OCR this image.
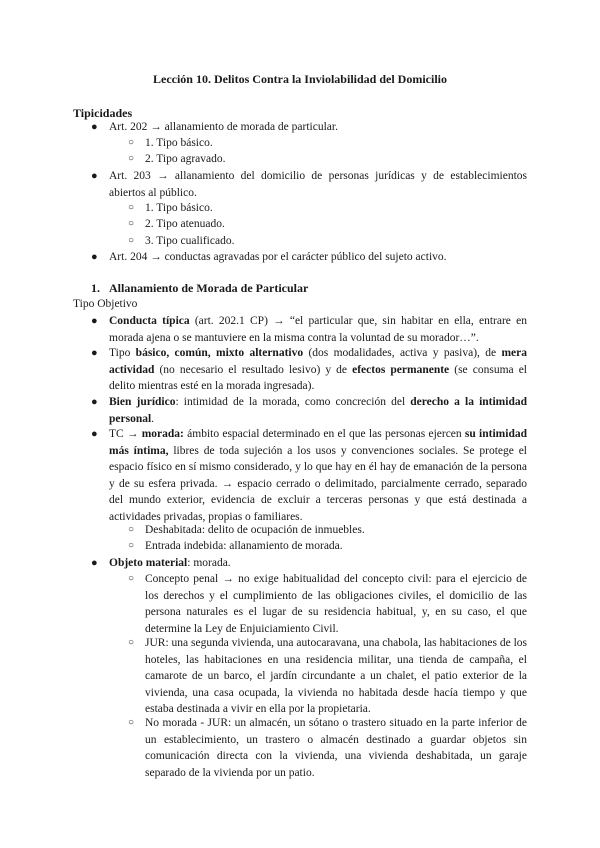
Lección 10. Delitos Contra la Inviolabilidad del Domicilio
Tipicidades
● Art. 202 → allanamiento de morada de particular.
○ 1. Tipo básico.
○ 2. Tipo agravado.
● Art. 203 → allanamiento del domicilio de personas jurídicas y de establecimientos abiertos al público.
○ 1. Tipo básico.
○ 2. Tipo atenuado.
○ 3. Tipo cualificado.
● Art. 204 → conductas agravadas por el carácter público del sujeto activo.
1. Allanamiento de Morada de Particular
Tipo Objetivo
● Conducta típica (art. 202.1 CP) → “el particular que, sin habitar en ella, entrare en morada ajena o se mantuviere en la misma contra la voluntad de su morador…”.
● Tipo básico, común, mixto alternativo (dos modalidades, activa y pasiva), de mera actividad (no necesario el resultado lesivo) y de efectos permanente (se consuma el delito mientras esté en la morada ingresada).
● Bien jurídico: intimidad de la morada, como concreción del derecho a la intimidad personal.
● TC → morada: ámbito espacial determinado en el que las personas ejercen su intimidad más íntima, libres de toda sujeción a los usos y convenciones sociales. Se protege el espacio físico en sí mismo considerado, y lo que hay en él hay de emanación de la persona y de su esfera privada. → espacio cerrado o delimitado, parcialmente cerrado, separado del mundo exterior, evidencia de excluir a terceras personas y que está destinada a actividades privadas, propias o familiares.
○ Deshabitada: delito de ocupación de inmuebles.
○ Entrada indebida: allanamiento de morada.
● Objeto material: morada.
○ Concepto penal → no exige habitualidad del concepto civil: para el ejercicio de los derechos y el cumplimiento de las obligaciones civiles, el domicilio de las persona naturales es el lugar de su residencia habitual, y, en su caso, el que determine la Ley de Enjuiciamiento Civil.
○ JUR: una segunda vivienda, una autocaravana, una chabola, las habitaciones de los hoteles, las habitaciones en una residencia militar, una tienda de campaña, el camarote de un barco, el jardín circundante a un chalet, el patio exterior de la vivienda, una casa ocupada, la vivienda no habitada desde hacía tiempo y que estaba destinada a vivir en ella por la propietaria.
○ No morada - JUR: un almacén, un sótano o trastero situado en la parte inferior de un establecimiento, un trastero o almacén destinado a guardar objetos sin comunicación directa con la vivienda, una vivienda deshabitada, un garaje separado de la vivienda por un patio.
